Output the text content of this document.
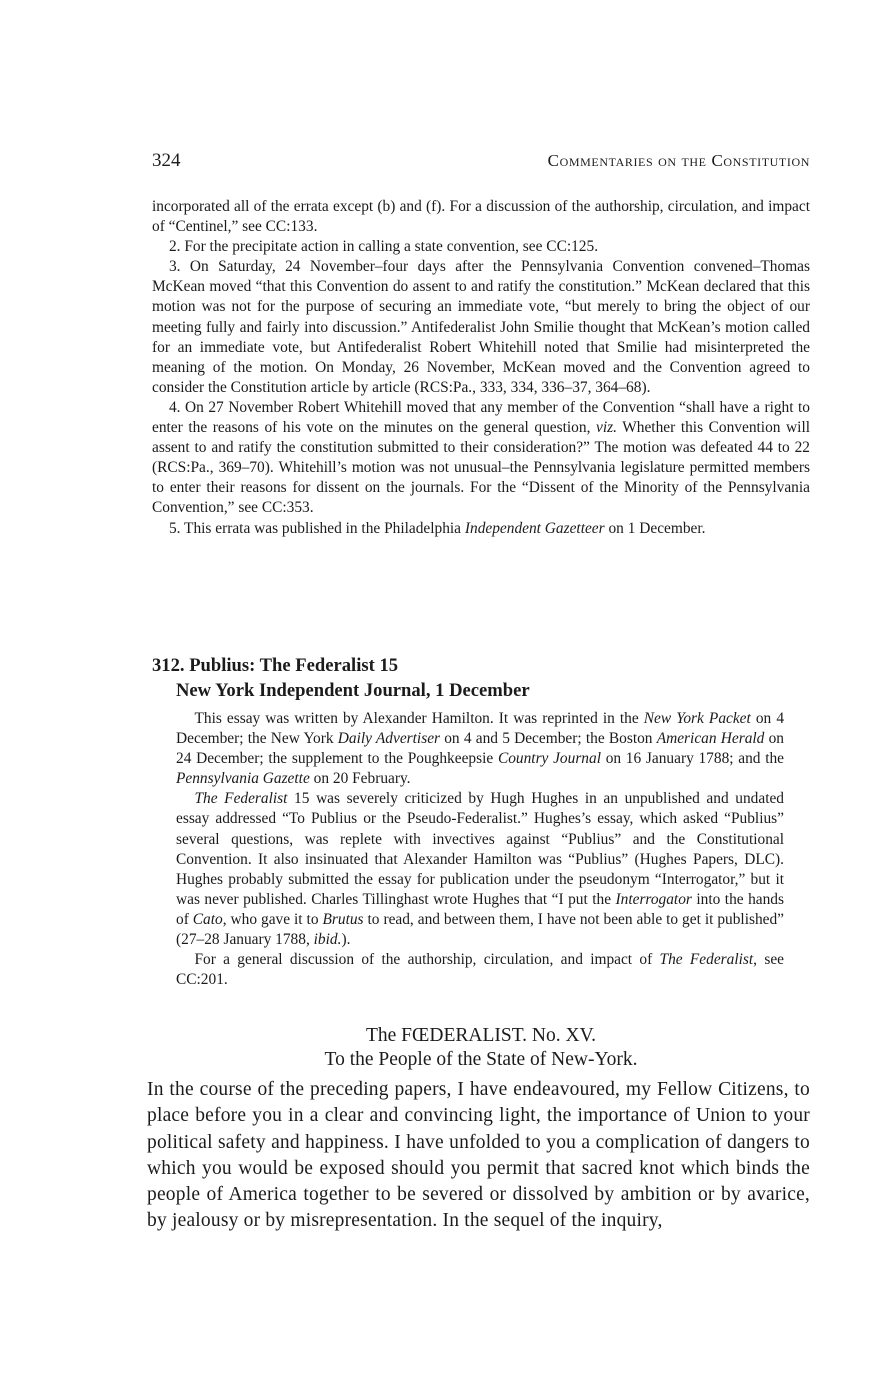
324	Commentaries on the Constitution

incorporated all of the errata except (b) and (f). For a discussion of the authorship, circulation, and impact of “Centinel,” see CC:133.

2. For the precipitate action in calling a state convention, see CC:125.

3. On Saturday, 24 November–four days after the Pennsylvania Convention convened–Thomas McKean moved “that this Convention do assent to and ratify the constitution.” McKean declared that this motion was not for the purpose of securing an immediate vote, “but merely to bring the object of our meeting fully and fairly into discussion.” Antifederalist John Smilie thought that McKean’s motion called for an immediate vote, but Antifederalist Robert Whitehill noted that Smilie had misinterpreted the meaning of the motion. On Monday, 26 November, McKean moved and the Convention agreed to consider the Constitution article by article (RCS:Pa., 333, 334, 336–37, 364–68).

4. On 27 November Robert Whitehill moved that any member of the Convention “shall have a right to enter the reasons of his vote on the minutes on the general question, viz. Whether this Convention will assent to and ratify the constitution submitted to their consideration?” The motion was defeated 44 to 22 (RCS:Pa., 369–70). Whitehill’s motion was not unusual–the Pennsylvania legislature permitted members to enter their reasons for dissent on the journals. For the “Dissent of the Minority of the Pennsylvania Convention,” see CC:353.

5. This errata was published in the Philadelphia Independent Gazetteer on 1 December.

312. Publius: The Federalist 15
New York Independent Journal, 1 December

This essay was written by Alexander Hamilton. It was reprinted in the New York Packet on 4 December; the New York Daily Advertiser on 4 and 5 December; the Boston American Herald on 24 December; the supplement to the Poughkeepsie Country Journal on 16 January 1788; and the Pennsylvania Gazette on 20 February.

The Federalist 15 was severely criticized by Hugh Hughes in an unpublished and undated essay addressed “To Publius or the Pseudo-Federalist.” Hughes’s essay, which asked “Publius” several questions, was replete with invectives against “Publius” and the Constitutional Convention. It also insinuated that Alexander Hamilton was “Publius” (Hughes Papers, DLC). Hughes probably submitted the essay for publication under the pseudonym “Interrogator,” but it was never published. Charles Tillinghast wrote Hughes that “I put the Interrogator into the hands of Cato, who gave it to Brutus to read, and between them, I have not been able to get it published” (27–28 January 1788, ibid.).

For a general discussion of the authorship, circulation, and impact of The Federalist, see CC:201.

The FŒDERALIST. No. XV.
To the People of the State of New-York.

In the course of the preceding papers, I have endeavoured, my Fellow Citizens, to place before you in a clear and convincing light, the importance of Union to your political safety and happiness. I have unfolded to you a complication of dangers to which you would be exposed should you permit that sacred knot which binds the people of America together to be severed or dissolved by ambition or by avarice, by jealousy or by misrepresentation. In the sequel of the inquiry,
